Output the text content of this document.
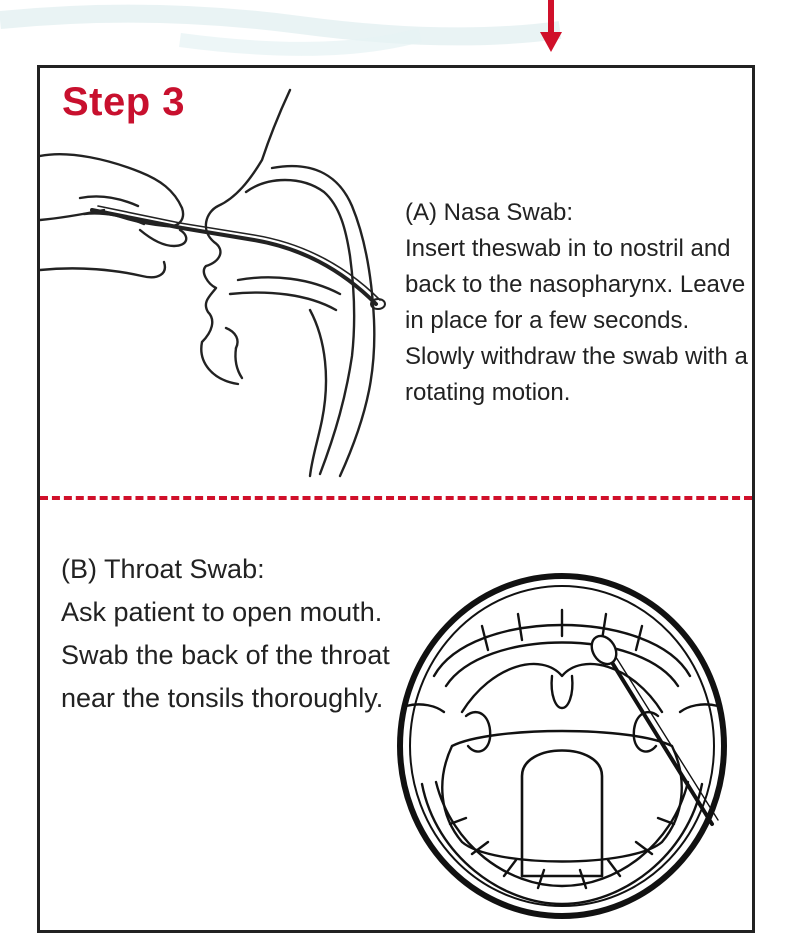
Step 3
(A) Nasa Swab:
Insert theswab in to nostril and back to the nasopharynx. Leave in place for a few seconds. Slowly withdraw the swab with a rotating motion.
(B) Throat Swab:
Ask patient to open mouth. Swab the back of the throat near the tonsils thoroughly.
